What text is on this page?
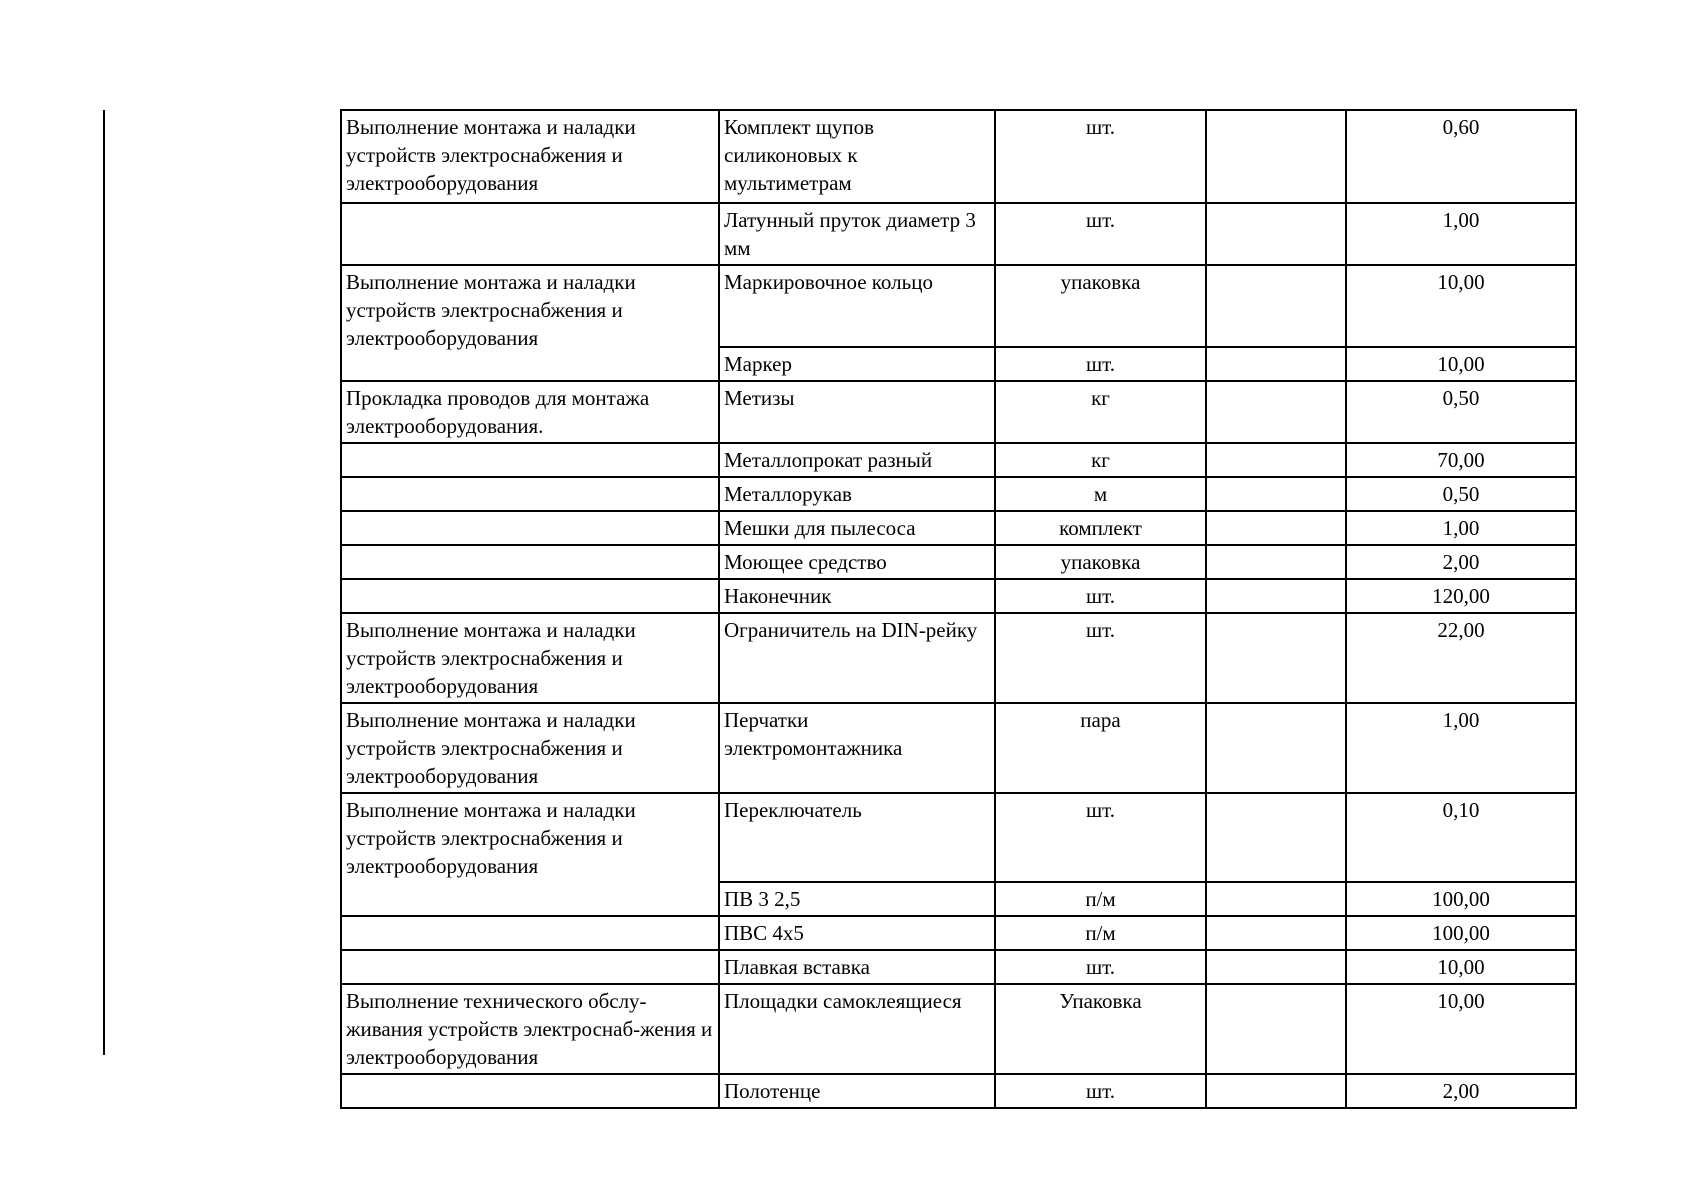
Выполнение монтажа и наладки устройств электроснабжения и электрооборудования	Комплект щупов силиконовых к мультиметрам	шт.		0,60
	Латунный пруток диаметр 3 мм	шт.		1,00
Выполнение монтажа и наладки устройств электроснабжения и электрооборудования	Маркировочное кольцо	упаковка		10,00
	Маркер	шт.		10,00
Прокладка проводов для монтажа электрооборудования.	Метизы	кг		0,50
	Металлопрокат разный	кг		70,00
	Металлорукав	м		0,50
	Мешки для пылесоса	комплект		1,00
	Моющее средство	упаковка		2,00
	Наконечник	шт.		120,00
Выполнение монтажа и наладки устройств электроснабжения и электрооборудования	Ограничитель на DIN-рейку	шт.		22,00
Выполнение монтажа и наладки устройств электроснабжения и электрооборудования	Перчатки электромонтажника	пара		1,00
Выполнение монтажа и наладки устройств электроснабжения и электрооборудования	Переключатель	шт.		0,10
	ПВ 3 2,5	п/м		100,00
	ПВС 4х5	п/м		100,00
	Плавкая вставка	шт.		10,00
Выполнение технического обслу-живания устройств электроснаб-жения и электрооборудования	Площадки самоклеящиеся	Упаковка		10,00
	Полотенце	шт.		2,00
